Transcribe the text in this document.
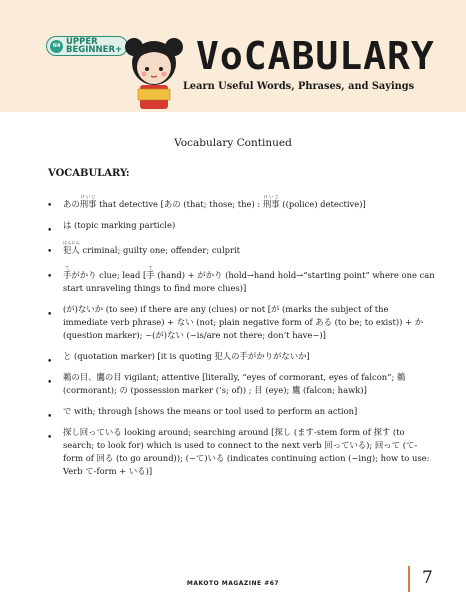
N4 UPPER
BEGINNER+ VoCABULARY
Learn Useful Words, Phrases, and Sayings
Vocabulary Continued
VOCABULARY:
• あの刑事けいじ that detective [あの (that; those; the) : 刑事けいじ ((police) detective)]
• は (topic marking particle)
• 犯人はんにん criminal; guilty one; offender; culprit
• 手てがかり clue; lead [手て (hand) + がかり (hold→hand hold→“starting point” where one can start unraveling things to find more clues)]
• (が)ないか (to see) if there are any (clues) or not [が (marks the subject of the immediate verb phrase) + ない (not; plain negative form of ある (to be; to exist)) + か (question marker); ~(が)ない (~is/are not there; don’t have~)]
• と (quotation marker) [it is quoting 犯人の手がかりがないか]
• 鵜の目、鷹の目 vigilant; attentive [literally, “eyes of cormorant, eyes of falcon”; 鵜 (cormorant); の (possession marker (’s; of)) ; 目 (eye); 鷹 (falcon; hawk)]
• で with; through [shows the means or tool used to perform an action]
• 探し回っている looking around; searching around [探し (ます-stem form of 探す (to search; to look for) which is used to connect to the next verb 回っている); 回って (て-form of 回る (to go around)); (~て)いる (indicates continuing action (~ing); how to use: Verb て-form + いる)]
MAKOTO MAGAZINE #67	7
